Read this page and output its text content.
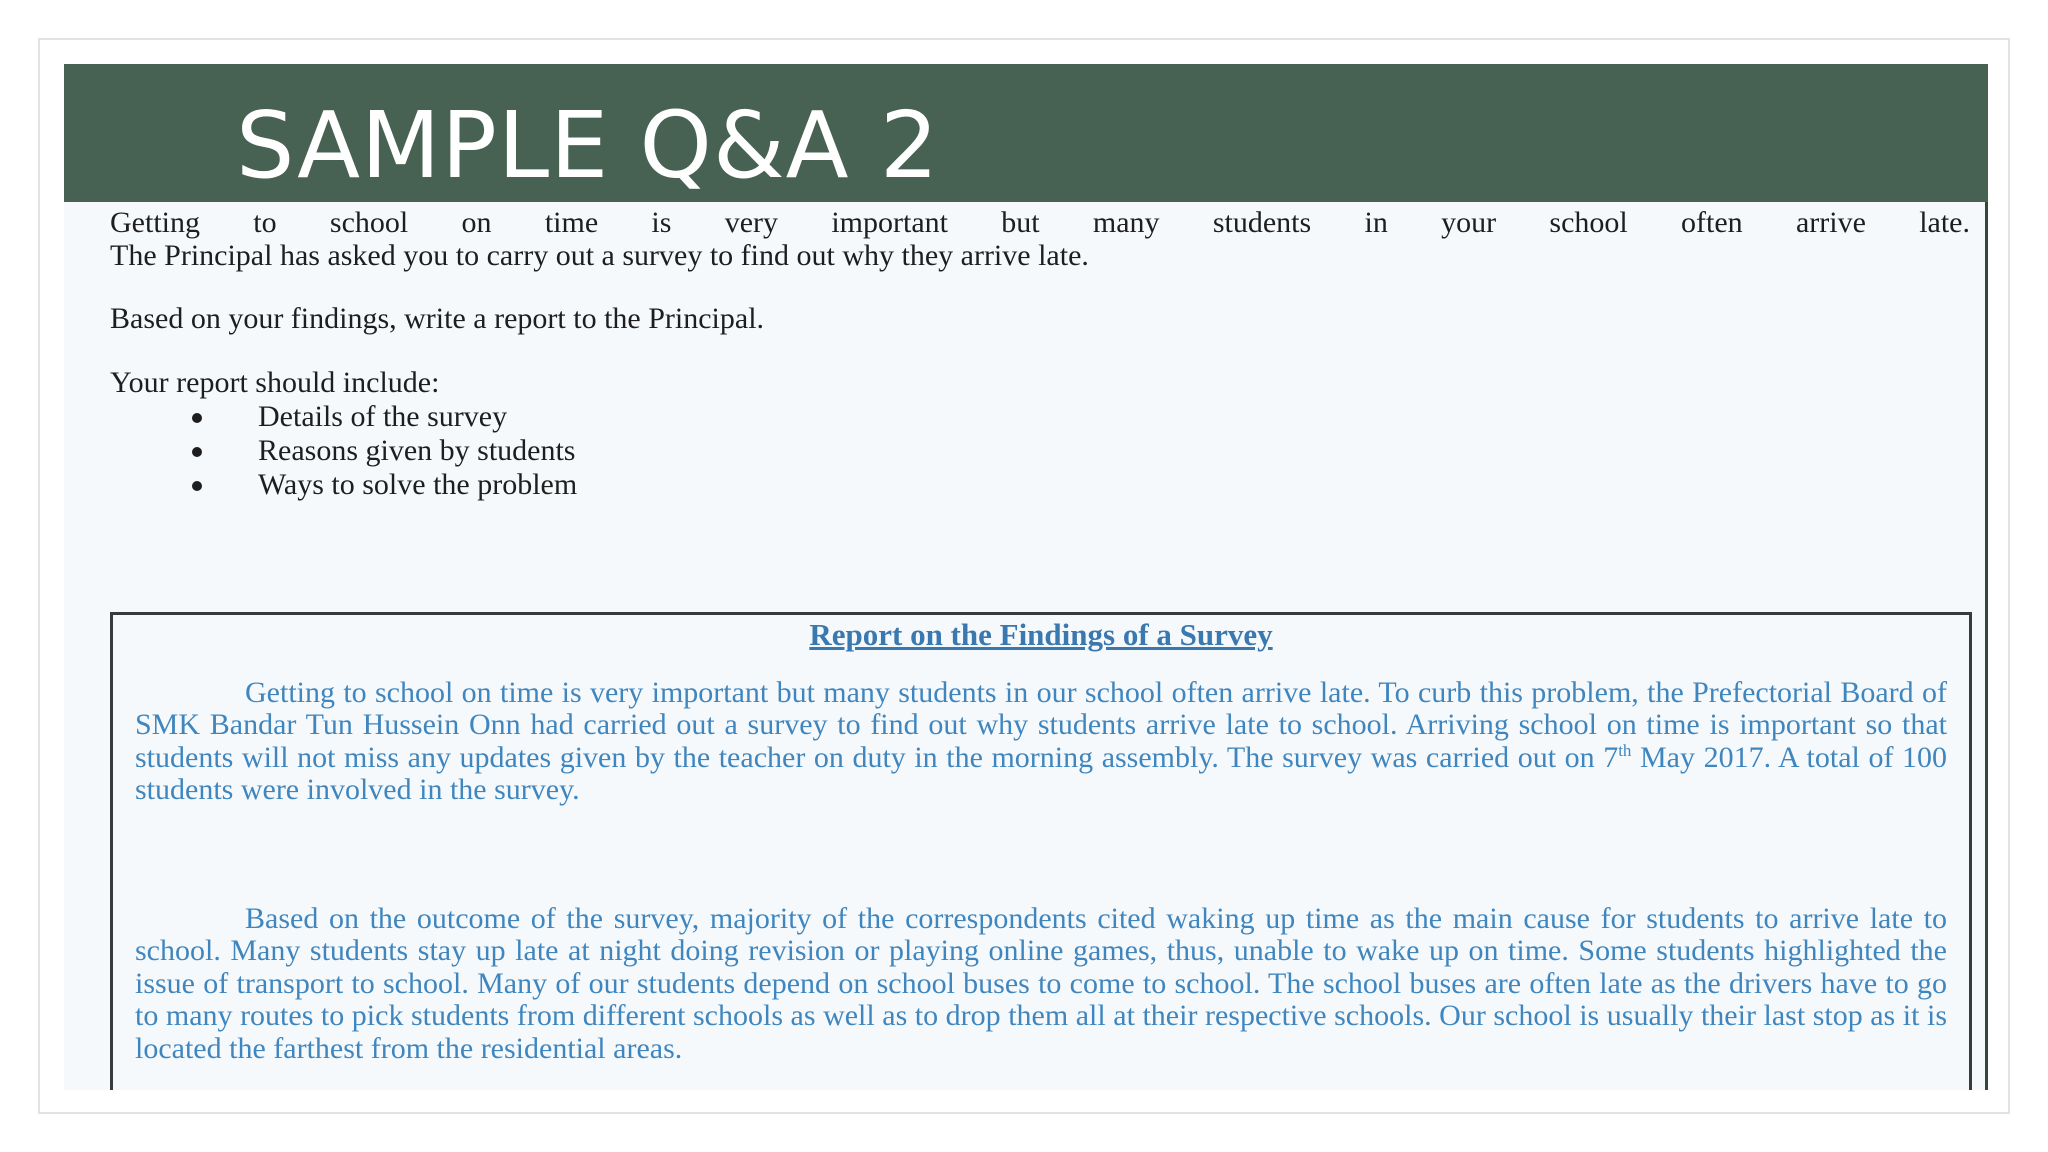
SAMPLE Q&A 2

Getting to school on time is very important but many students in your school often arrive late.

The Principal has asked you to carry out a survey to find out why they arrive late.

Based on your findings, write a report to the Principal.

Your report should include:

Details of the survey
Reasons given by students
Ways to solve the problem
Report on the Findings of a Survey

Getting to school on time is very important but many students in our school often arrive late. To curb this problem, the Prefectorial Board of SMK Bandar Tun Hussein Onn had carried out a survey to find out why students arrive late to school. Arriving school on time is important so that students will not miss any updates given by the teacher on duty in the morning assembly. The survey was carried out on 7th May 2017. A total of 100 students were involved in the survey.

Based on the outcome of the survey, majority of the correspondents cited waking up time as the main cause for students to arrive late to school. Many students stay up late at night doing revision or playing online games, thus, unable to wake up on time. Some students highlighted the issue of transport to school. Many of our students depend on school buses to come to school. The school buses are often late as the drivers have to go to many routes to pick students from different schools as well as to drop them all at their respective schools. Our school is usually their last stop as it is located the farthest from the residential areas.
